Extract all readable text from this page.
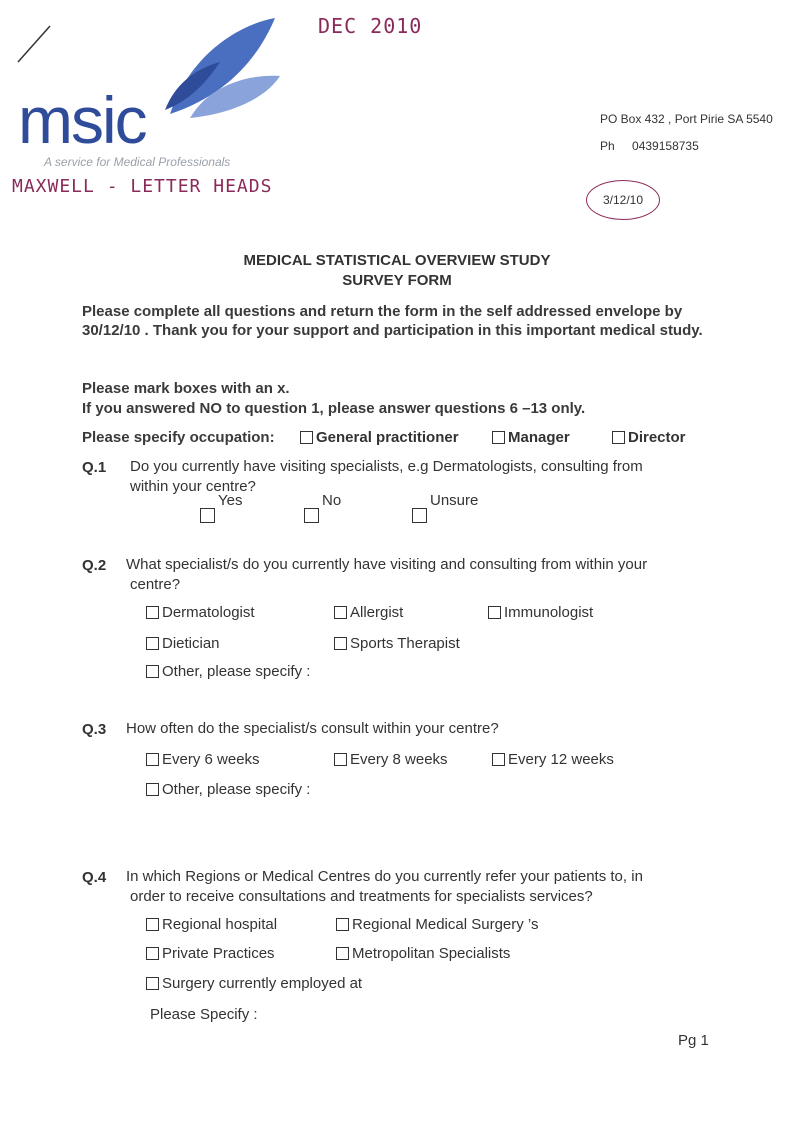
DEC 2010
MAXWELL - LETTER HEADS
msic
A service for Medical Professionals
PO Box 432 , Port Pirie SA 5540
Ph 0439158735
3/12/10
MEDICAL STATISTICAL OVERVIEW STUDY
SURVEY FORM
Please complete all questions and return the form in the self addressed envelope by
30/12/10 . Thank you for your support and participation in this important medical study.
Please mark boxes with an x.
If you answered NO to question 1, please answer questions 6 –13 only.
Please specify occupation:	General practitioner	Manager	Director
Q.1 Do you currently have visiting specialists, e.g Dermatologists, consulting from
within your centre?
Yes	No	Unsure
Q.2 What specialist/s do you currently have visiting and consulting from within your
centre?
Dermatologist	Allergist	Immunologist
Dietician	Sports Therapist
Other, please specify :
Q.3 How often do the specialist/s consult within your centre?
Every 6 weeks	Every 8 weeks	Every 12 weeks
Other, please specify :
Q.4 In which Regions or Medical Centres do you currently refer your patients to, in
order to receive consultations and treatments for specialists services?
Regional hospital	Regional Medical Surgery ’s
Private Practices	Metropolitan Specialists
Surgery currently employed at
Please Specify :
Pg 1
